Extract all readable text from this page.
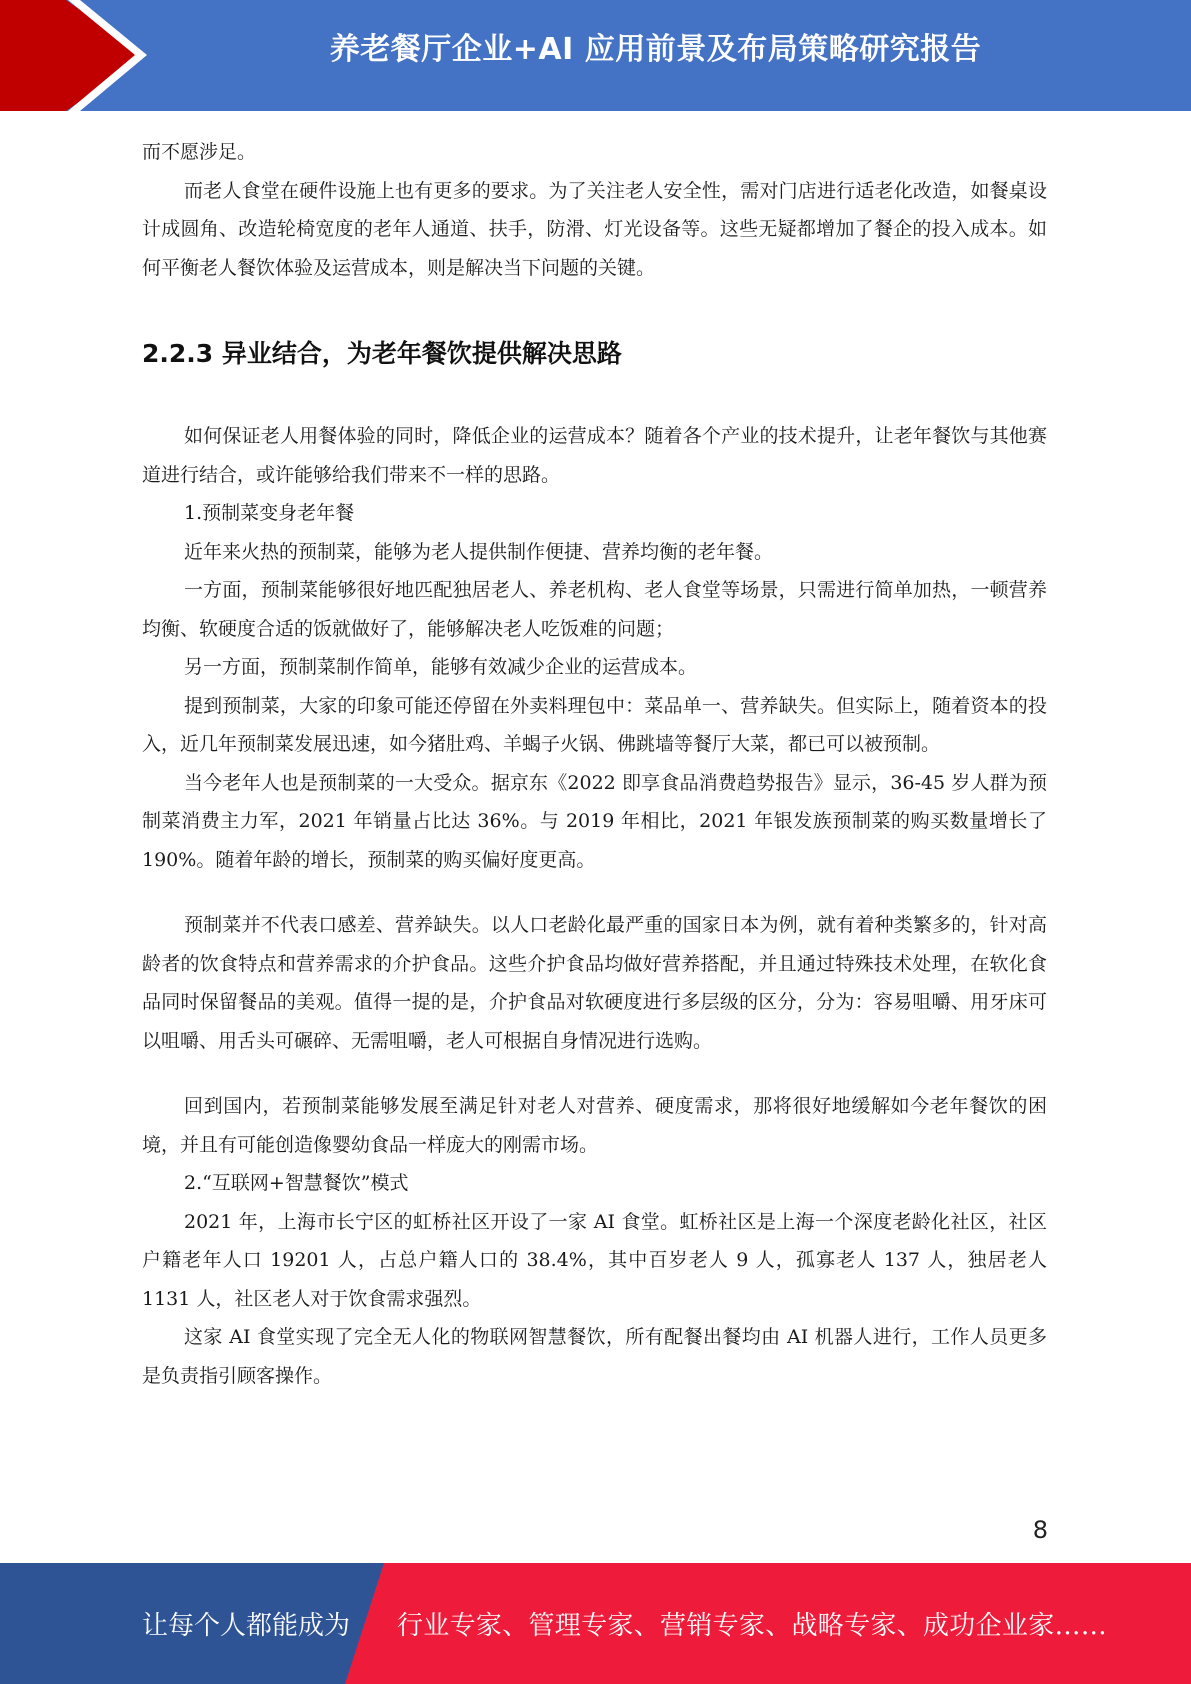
养老餐厅企业+AI 应用前景及布局策略研究报告

而不愿涉足。

而老人食堂在硬件设施上也有更多的要求。为了关注老人安全性，需对门店进行适老化改造，如餐桌设计成圆角、改造轮椅宽度的老年人通道、扶手，防滑、灯光设备等。这些无疑都增加了餐企的投入成本。如何平衡老人餐饮体验及运营成本，则是解决当下问题的关键。

2.2.3 异业结合，为老年餐饮提供解决思路

如何保证老人用餐体验的同时，降低企业的运营成本？随着各个产业的技术提升，让老年餐饮与其他赛道进行结合，或许能够给我们带来不一样的思路。

1.预制菜变身老年餐

近年来火热的预制菜，能够为老人提供制作便捷、营养均衡的老年餐。

一方面，预制菜能够很好地匹配独居老人、养老机构、老人食堂等场景，只需进行简单加热，一顿营养均衡、软硬度合适的饭就做好了，能够解决老人吃饭难的问题；

另一方面，预制菜制作简单，能够有效减少企业的运营成本。

提到预制菜，大家的印象可能还停留在外卖料理包中：菜品单一、营养缺失。但实际上，随着资本的投入，近几年预制菜发展迅速，如今猪肚鸡、羊蝎子火锅、佛跳墙等餐厅大菜，都已可以被预制。

当今老年人也是预制菜的一大受众。据京东《2022 即享食品消费趋势报告》显示，36-45 岁人群为预制菜消费主力军，2021 年销量占比达 36%。与 2019 年相比，2021 年银发族预制菜的购买数量增长了 190%。随着年龄的增长，预制菜的购买偏好度更高。

预制菜并不代表口感差、营养缺失。以人口老龄化最严重的国家日本为例，就有着种类繁多的，针对高龄者的饮食特点和营养需求的介护食品。这些介护食品均做好营养搭配，并且通过特殊技术处理，在软化食品同时保留餐品的美观。值得一提的是，介护食品对软硬度进行多层级的区分，分为：容易咀嚼、用牙床可以咀嚼、用舌头可碾碎、无需咀嚼，老人可根据自身情况进行选购。

回到国内，若预制菜能够发展至满足针对老人对营养、硬度需求，那将很好地缓解如今老年餐饮的困境，并且有可能创造像婴幼食品一样庞大的刚需市场。

2.“互联网+智慧餐饮”模式

2021 年，上海市长宁区的虹桥社区开设了一家 AI 食堂。虹桥社区是上海一个深度老龄化社区，社区户籍老年人口 19201 人，占总户籍人口的 38.4%，其中百岁老人 9 人，孤寡老人 137 人，独居老人 1131 人，社区老人对于饮食需求强烈。

这家 AI 食堂实现了完全无人化的物联网智慧餐饮，所有配餐出餐均由 AI 机器人进行，工作人员更多是负责指引顾客操作。

8
让每个人都能成为 行业专家、管理专家、营销专家、战略专家、成功企业家……
